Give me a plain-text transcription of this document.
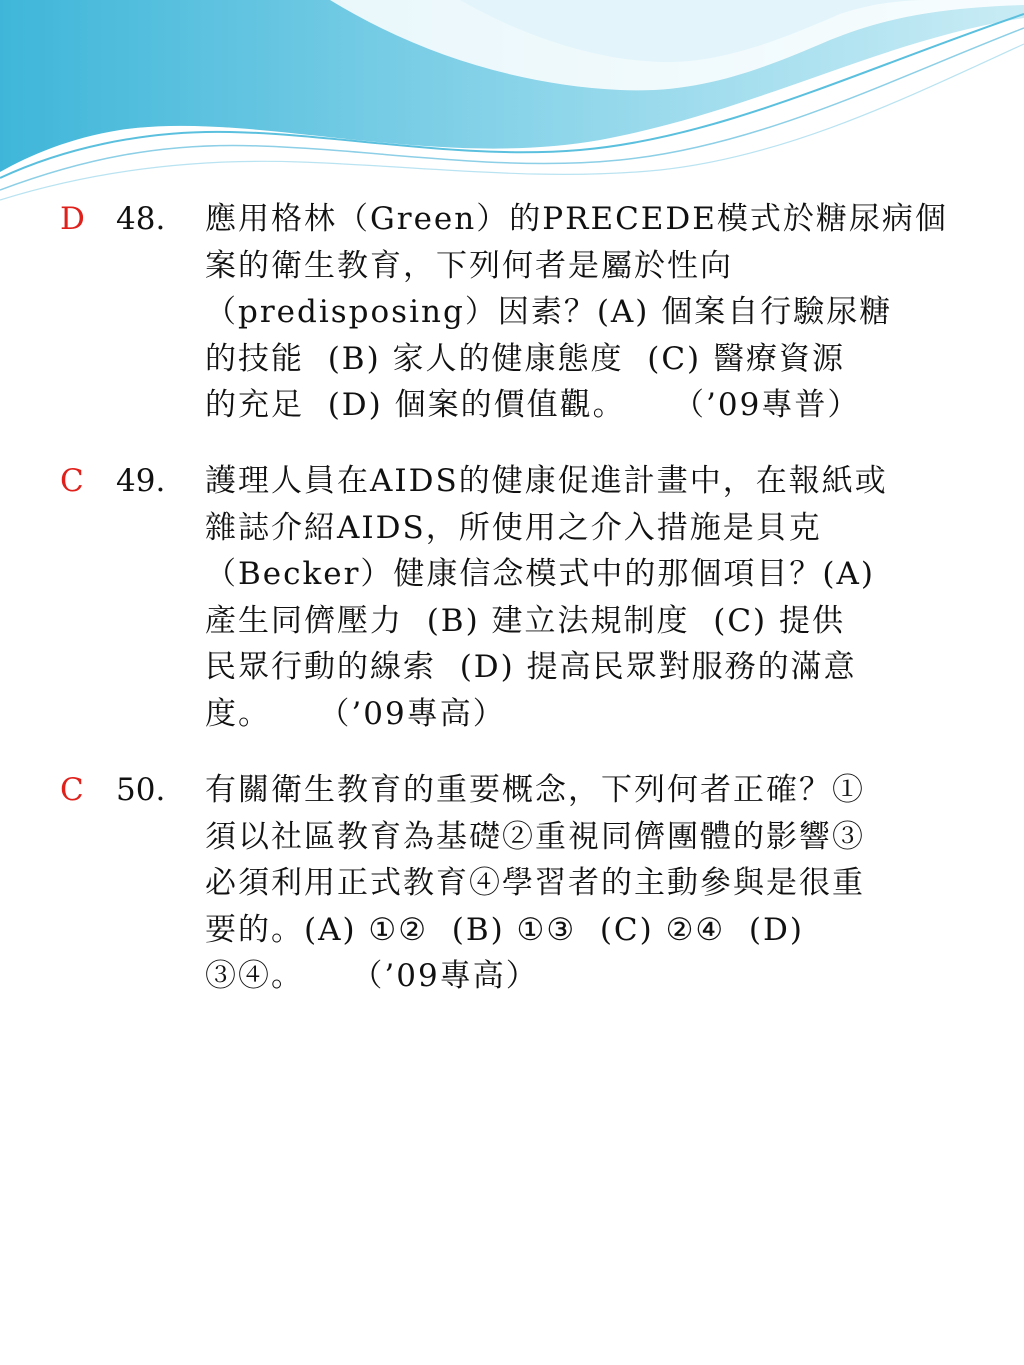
D 48.	應用格林（Green）的PRECEDE模式於糖尿病個
案的衛生教育，下列何者是屬於性向
（predisposing）因素？(A) 個案自行驗尿糖
的技能  (B) 家人的健康態度  (C) 醫療資源
的充足  (D) 個案的價值觀。    （’09專普）
C 49.	護理人員在AIDS的健康促進計畫中，在報紙或
雜誌介紹AIDS，所使用之介入措施是貝克
（Becker）健康信念模式中的那個項目？(A)
產生同儕壓力  (B) 建立法規制度  (C) 提供
民眾行動的線索  (D) 提高民眾對服務的滿意
度。    （’09專高）
C 50.	有關衛生教育的重要概念，下列何者正確？①
須以社區教育為基礎②重視同儕團體的影響③
必須利用正式教育④學習者的主動參與是很重
要的。(A) ①②  (B) ①③  (C) ②④  (D)
③④。    （’09專高）
